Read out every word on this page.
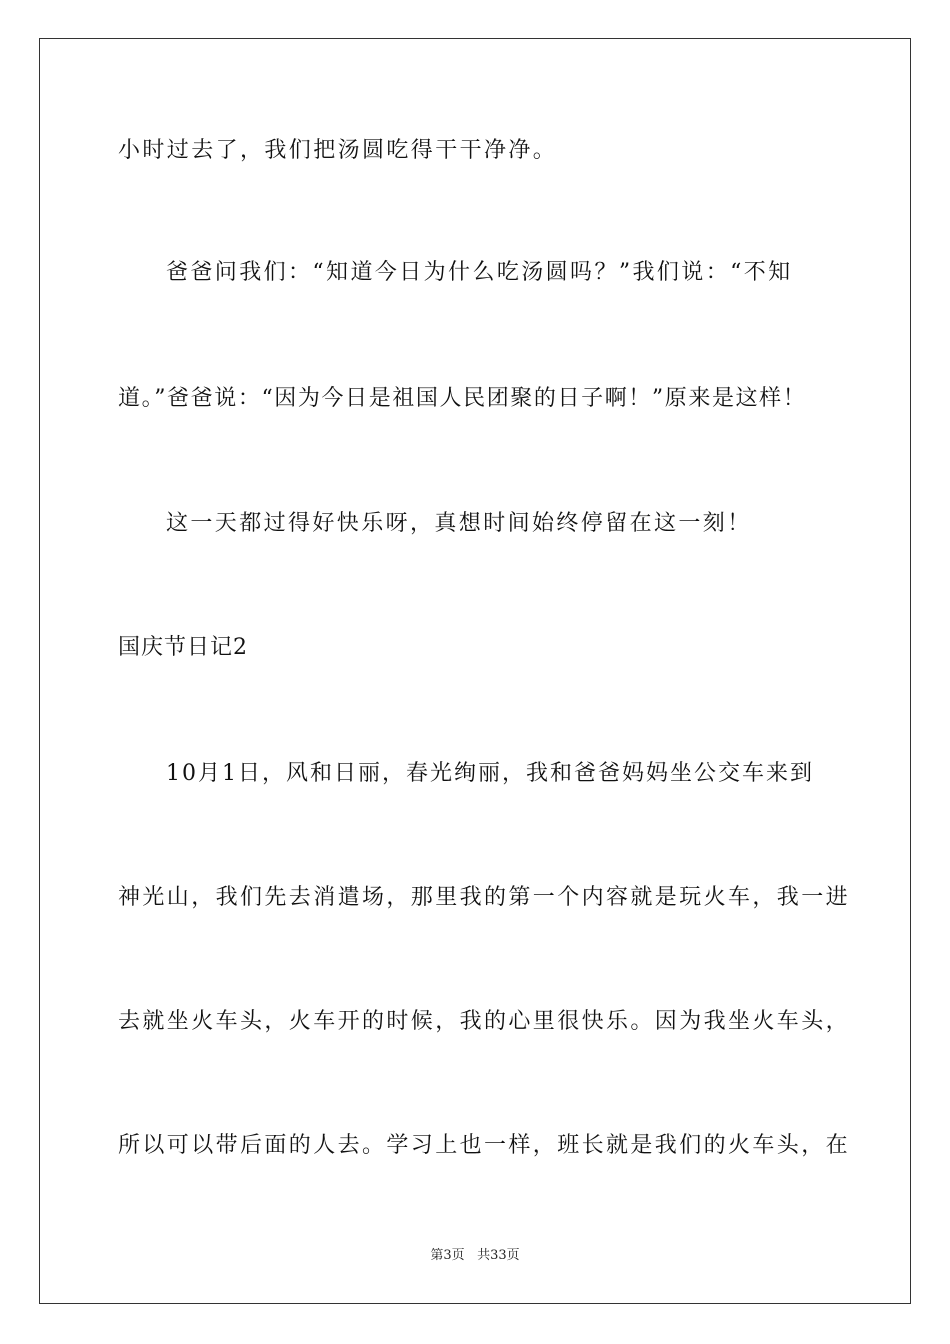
小时过去了，我们把汤圆吃得干干净净。
爸爸问我们：“知道今日为什么吃汤圆吗？”我们说：“不知
道。”爸爸说：“因为今日是祖国人民团聚的日子啊！”原来是这样！
这一天都过得好快乐呀，真想时间始终停留在这一刻！
国庆节日记2
10月1日，风和日丽，春光绚丽，我和爸爸妈妈坐公交车来到
神光山，我们先去消遣场，那里我的第一个内容就是玩火车，我一进
去就坐火车头，火车开的时候，我的心里很快乐。因为我坐火车头，
所以可以带后面的人去。学习上也一样，班长就是我们的火车头，在
第3页 共33页
